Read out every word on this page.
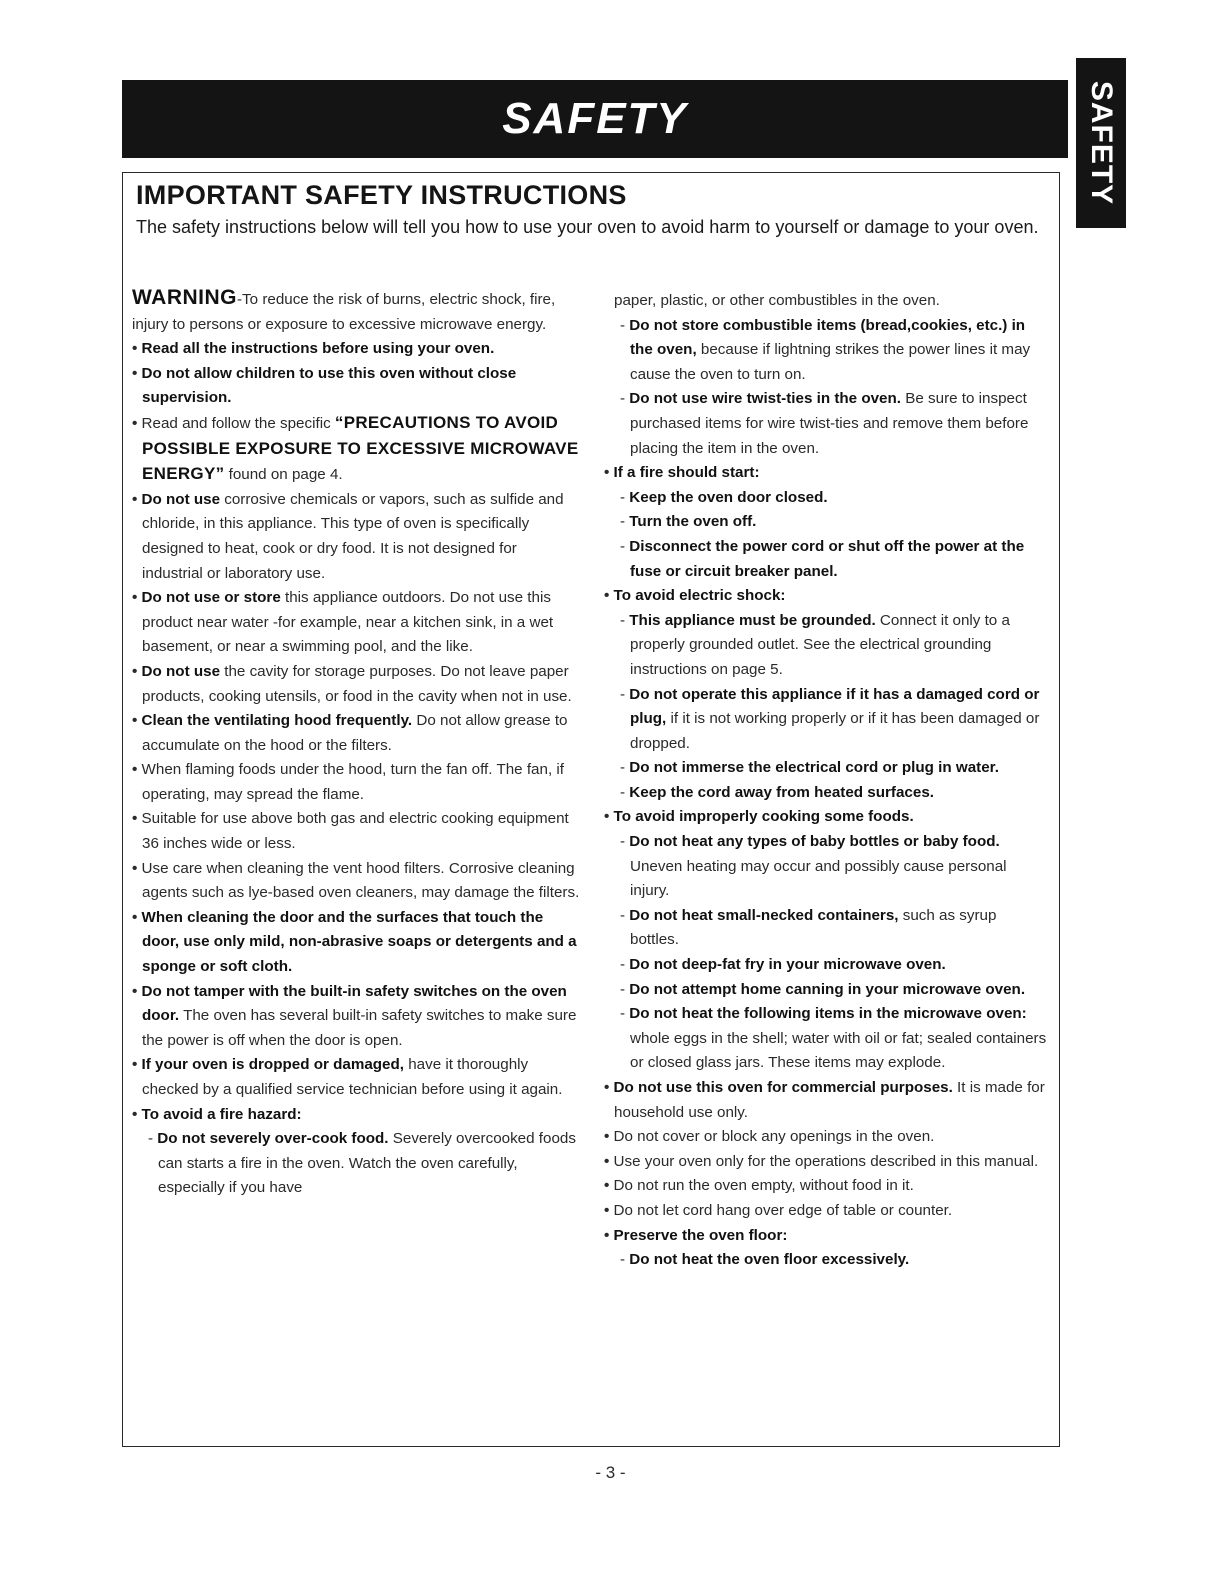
SAFETY	SAFETY
IMPORTANT SAFETY INSTRUCTIONS
The safety instructions below will tell you how to use your oven to avoid harm to yourself or damage to your oven.
WARNING-To reduce the risk of burns, electric shock, fire, injury to persons or exposure to excessive microwave energy.
• Read all the instructions before using your oven.
• Do not allow children to use this oven without close supervision.
• Read and follow the specific “PRECAUTIONS TO AVOID POSSIBLE EXPOSURE TO EXCESSIVE MICROWAVE ENERGY” found on page 4.
• Do not use corrosive chemicals or vapors, such as sulfide and chloride, in this appliance. This type of oven is specifically designed to heat, cook or dry food. It is not designed for industrial or laboratory use.
• Do not use or store this appliance outdoors. Do not use this product near water -for example, near a kitchen sink, in a wet basement, or near a swimming pool, and the like.
• Do not use the cavity for storage purposes. Do not leave paper products, cooking utensils, or food in the cavity when not in use.
• Clean the ventilating hood frequently. Do not allow grease to accumulate on the hood or the filters.
• When flaming foods under the hood, turn the fan off. The fan, if operating, may spread the flame.
• Suitable for use above both gas and electric cooking equipment 36 inches wide or less.
• Use care when cleaning the vent hood filters. Corrosive cleaning agents such as lye-based oven cleaners, may damage the filters.
• When cleaning the door and the surfaces that touch the door, use only mild, non-abrasive soaps or detergents and a sponge or soft cloth.
• Do not tamper with the built-in safety switches on the oven door. The oven has several built-in safety switches to make sure the power is off when the door is open.
• If your oven is dropped or damaged, have it thoroughly checked by a qualified service technician before using it again.
• To avoid a fire hazard:
- Do not severely over-cook food. Severely overcooked foods can starts a fire in the oven. Watch the oven carefully, especially if you have
paper, plastic, or other combustibles in the oven.
- Do not store combustible items (bread,cookies, etc.) in the oven, because if lightning strikes the power lines it may cause the oven to turn on.
- Do not use wire twist-ties in the oven. Be sure to inspect purchased items for wire twist-ties and remove them before placing the item in the oven.
• If a fire should start:
- Keep the oven door closed.
- Turn the oven off.
- Disconnect the power cord or shut off the power at the fuse or circuit breaker panel.
• To avoid electric shock:
- This appliance must be grounded. Connect it only to a properly grounded outlet. See the electrical grounding instructions on page 5.
- Do not operate this appliance if it has a damaged cord or plug, if it is not working properly or if it has been damaged or dropped.
- Do not immerse the electrical cord or plug in water.
- Keep the cord away from heated surfaces.
• To avoid improperly cooking some foods.
- Do not heat any types of baby bottles or baby food. Uneven heating may occur and possibly cause personal injury.
- Do not heat small-necked containers, such as syrup bottles.
- Do not deep-fat fry in your microwave oven.
- Do not attempt home canning in your microwave oven.
- Do not heat the following items in the microwave oven: whole eggs in the shell; water with oil or fat; sealed containers or closed glass jars. These items may explode.
• Do not use this oven for commercial purposes. It is made for household use only.
• Do not cover or block any openings in the oven.
• Use your oven only for the operations described in this manual.
• Do not run the oven empty, without food in it.
• Do not let cord hang over edge of table or counter.
• Preserve the oven floor:
- Do not heat the oven floor excessively.
- 3 -
